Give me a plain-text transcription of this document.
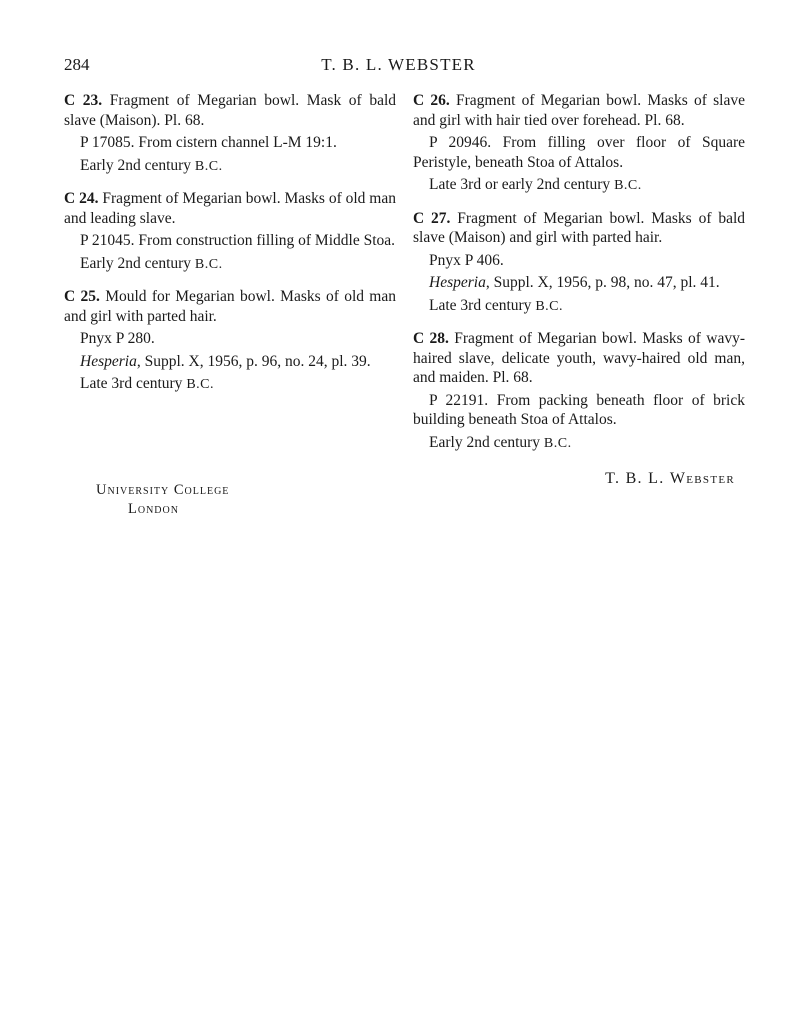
284	T. B. L. WEBSTER

C 23. Fragment of Megarian bowl. Mask of bald slave (Maison). Pl. 68.

P 17085. From cistern channel L-M 19:1.

Early 2nd century B.C.

C 24. Fragment of Megarian bowl. Masks of old man and leading slave.

P 21045. From construction filling of Middle Stoa.

Early 2nd century B.C.

C 25. Mould for Megarian bowl. Masks of old man and girl with parted hair.

Pnyx P 280.

Hesperia, Suppl. X, 1956, p. 96, no. 24, pl. 39.

Late 3rd century B.C.

C 26. Fragment of Megarian bowl. Masks of slave and girl with hair tied over forehead. Pl. 68.

P 20946. From filling over floor of Square Peristyle, beneath Stoa of Attalos.

Late 3rd or early 2nd century B.C.

C 27. Fragment of Megarian bowl. Masks of bald slave (Maison) and girl with parted hair.

Pnyx P 406.

Hesperia, Suppl. X, 1956, p. 98, no. 47, pl. 41.

Late 3rd century B.C.

C 28. Fragment of Megarian bowl. Masks of wavy-haired slave, delicate youth, wavy-haired old man, and maiden. Pl. 68.

P 22191. From packing beneath floor of brick building beneath Stoa of Attalos.

Early 2nd century B.C.

T. B. L. Webster
University College
London
